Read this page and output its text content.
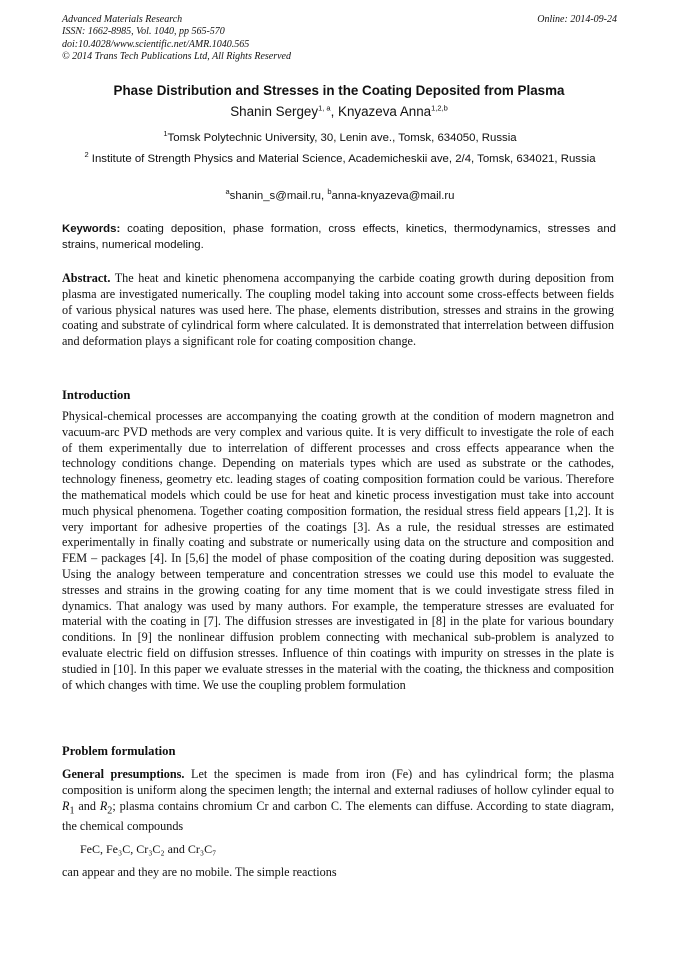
Advanced Materials Research
ISSN: 1662-8985, Vol. 1040, pp 565-570
doi:10.4028/www.scientific.net/AMR.1040.565
© 2014 Trans Tech Publications Ltd, All Rights Reserved
Online: 2014-09-24
Phase Distribution and Stresses in the Coating Deposited from Plasma
Shanin Sergey$^{1, a}$, Knyazeva Anna$^{1,2,b}$
$^1$Tomsk Polytechnic University, 30, Lenin ave., Tomsk, 634050, Russia
$^2$ Institute of Strength Physics and Material Science, Academicheskii ave, 2/4, Tomsk, 634021, Russia
$^a$shanin_s@mail.ru, $^b$anna-knyazeva@mail.ru
Keywords: coating deposition, phase formation, cross effects, kinetics, thermodynamics, stresses and strains, numerical modeling.
Abstract. The heat and kinetic phenomena accompanying the carbide coating growth during deposition from plasma are investigated numerically. The coupling model taking into account some cross-effects between fields of various physical natures was used here. The phase, elements distribution, stresses and strains in the growing coating and substrate of cylindrical form where calculated. It is demonstrated that interrelation between diffusion and deformation plays a significant role for coating composition change.
Introduction
Physical-chemical processes are accompanying the coating growth at the condition of modern magnetron and vacuum-arc PVD methods are very complex and various quite. It is very difficult to investigate the role of each of them experimentally due to interrelation of different processes and cross effects appearance when the technology conditions change. Depending on materials types which are used as substrate or the cathodes, technology fineness, geometry etc. leading stages of coating composition formation could be various. Therefore the mathematical models which could be use for heat and kinetic process investigation must take into account much physical phenomena. Together coating composition formation, the residual stress field appears [1,2]. It is very important for adhesive properties of the coatings [3]. As a rule, the residual stresses are estimated experimentally in finally coating and substrate or numerically using data on the structure and composition and FEM – packages [4]. In [5,6] the model of phase composition of the coating during deposition was suggested. Using the analogy between temperature and concentration stresses we could use this model to evaluate the stresses and strains in the growing coating for any time moment that is we could investigate stress filed in dynamics. That analogy was used by many authors. For example, the temperature stresses are evaluated for material with the coating in [7]. The diffusion stresses are investigated in [8] in the plate for various boundary conditions. In [9] the nonlinear diffusion problem connecting with mechanical sub-problem is analyzed to evaluate electric field on diffusion stresses. Influence of thin coatings with impurity on stresses in the plate is studied in [10]. In this paper we evaluate stresses in the material with the coating, the thickness and composition of which changes with time. We use the coupling problem formulation
Problem formulation
General presumptions. Let the specimen is made from iron (Fe) and has cylindrical form; the plasma composition is uniform along the specimen length; the internal and external radiuses of hollow cylinder equal to $R_1$ and $R_2$; plasma contains chromium Cr and carbon C. The elements can diffuse. According to state diagram, the chemical compounds
FeC, Fe₃C, Cr₃C₂ and Cr₃C₇
can appear and they are no mobile. The simple reactions
